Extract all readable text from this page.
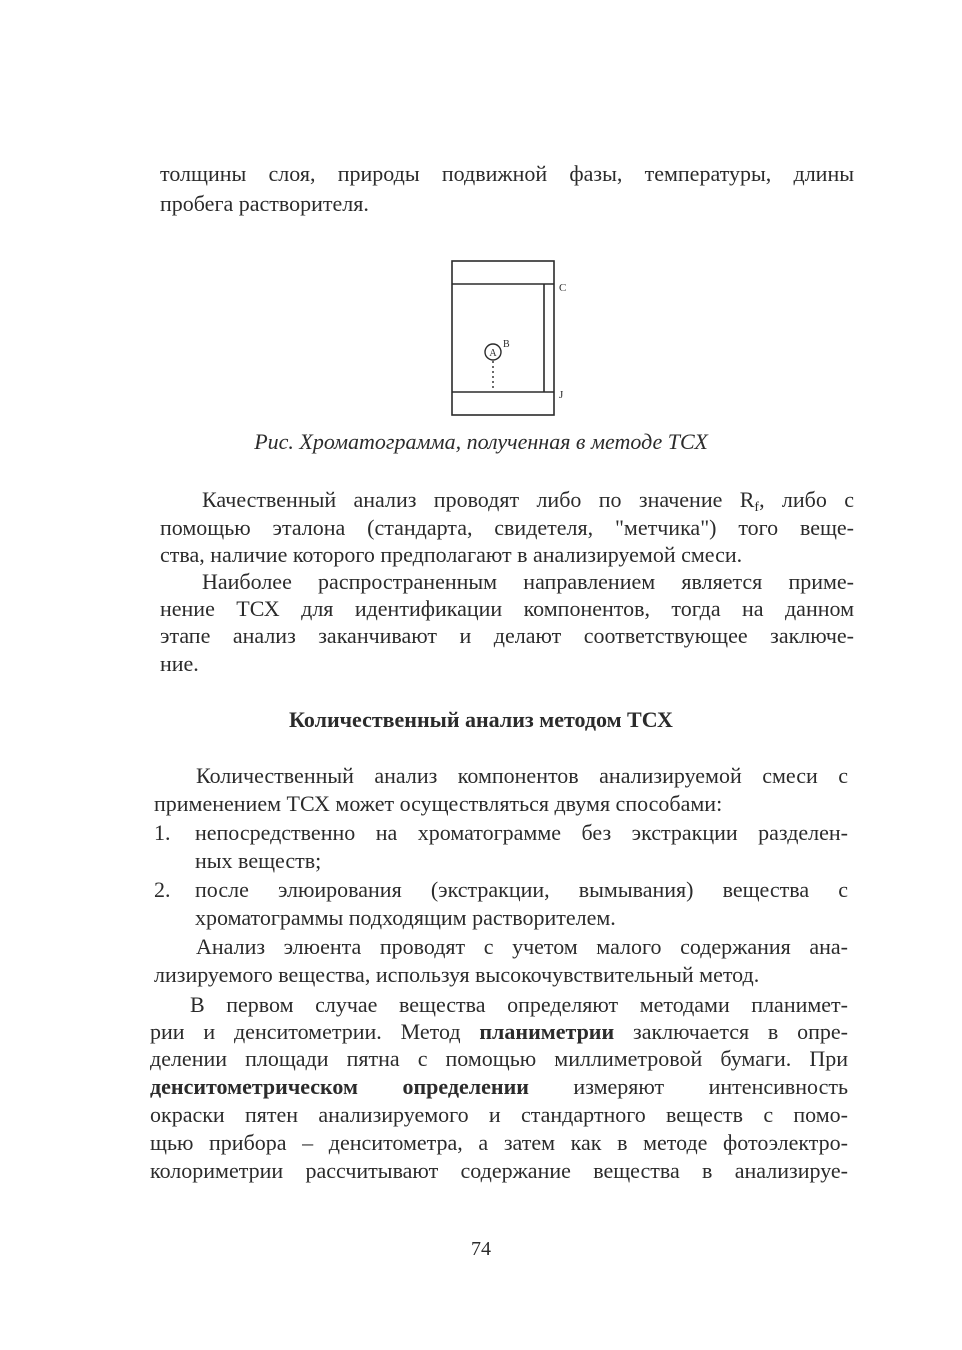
толщины слоя, природы подвижной фазы, температуры, длины
пробега растворителя.
A
B
C
J
Рис. Хроматограмма, полученная в методе ТСХ
Качественный анализ проводят либо по значение $R_f$, либо с
помощью эталона (стандарта, свидетеля, "метчика") того веще-
ства, наличие которого предполагают в анализируемой смеси.
Наиболее распространенным направлением является приме-
нение ТСХ для идентификации компонентов, тогда на данном
этапе анализ заканчивают и делают соответствующее заключе-
ние.
Количественный анализ методом ТСХ
Количественный анализ компонентов анализируемой смеси с
применением ТСХ может осуществляться двумя способами:
1. непосредственно на хроматограмме без экстракции разделен-
ных веществ;
2. после элюирования (экстракции, вымывания) вещества с
хроматограммы подходящим растворителем.
Анализ элюента проводят с учетом малого содержания ана-
лизируемого вещества, используя высокочувствительный метод.
В первом случае вещества определяют методами планимет-
рии и денситометрии. Метод планиметрии заключается в опре-
делении площади пятна с помощью миллиметровой бумаги. При
денситометрическом определении измеряют интенсивность
окраски пятен анализируемого и стандартного веществ с помо-
щью прибора – денситометра, а затем как в методе фотоэлектро-
колориметрии рассчитывают содержание вещества в анализируе-
74
